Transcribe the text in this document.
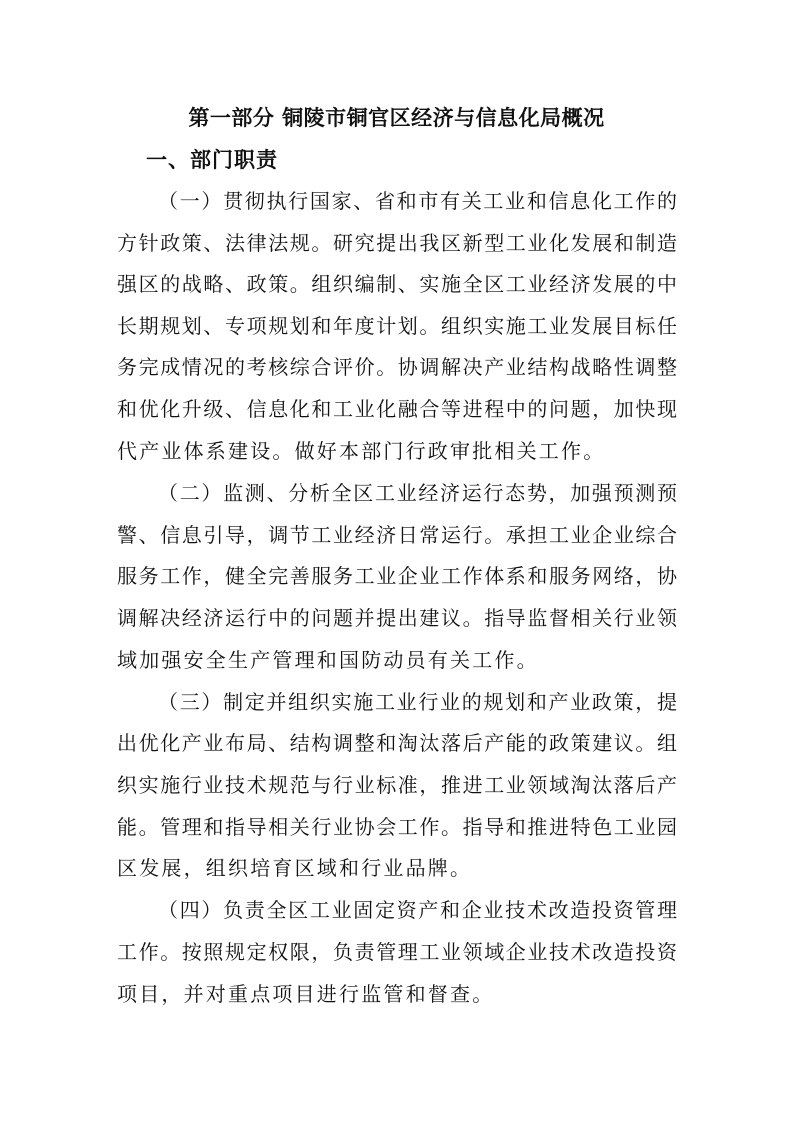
第一部分 铜陵市铜官区经济与信息化局概况
一、部门职责
（一）贯彻执行国家、省和市有关工业和信息化工作的
方针政策、法律法规。研究提出我区新型工业化发展和制造
强区的战略、政策。组织编制、实施全区工业经济发展的中
长期规划、专项规划和年度计划。组织实施工业发展目标任
务完成情况的考核综合评价。协调解决产业结构战略性调整
和优化升级、信息化和工业化融合等进程中的问题，加快现
代产业体系建设。做好本部门行政审批相关工作。
（二）监测、分析全区工业经济运行态势，加强预测预
警、信息引导，调节工业经济日常运行。承担工业企业综合
服务工作，健全完善服务工业企业工作体系和服务网络，协
调解决经济运行中的问题并提出建议。指导监督相关行业领
域加强安全生产管理和国防动员有关工作。
（三）制定并组织实施工业行业的规划和产业政策，提
出优化产业布局、结构调整和淘汰落后产能的政策建议。组
织实施行业技术规范与行业标准，推进工业领域淘汰落后产
能。管理和指导相关行业协会工作。指导和推进特色工业园
区发展，组织培育区域和行业品牌。
（四）负责全区工业固定资产和企业技术改造投资管理
工作。按照规定权限，负责管理工业领域企业技术改造投资
项目，并对重点项目进行监管和督查。
